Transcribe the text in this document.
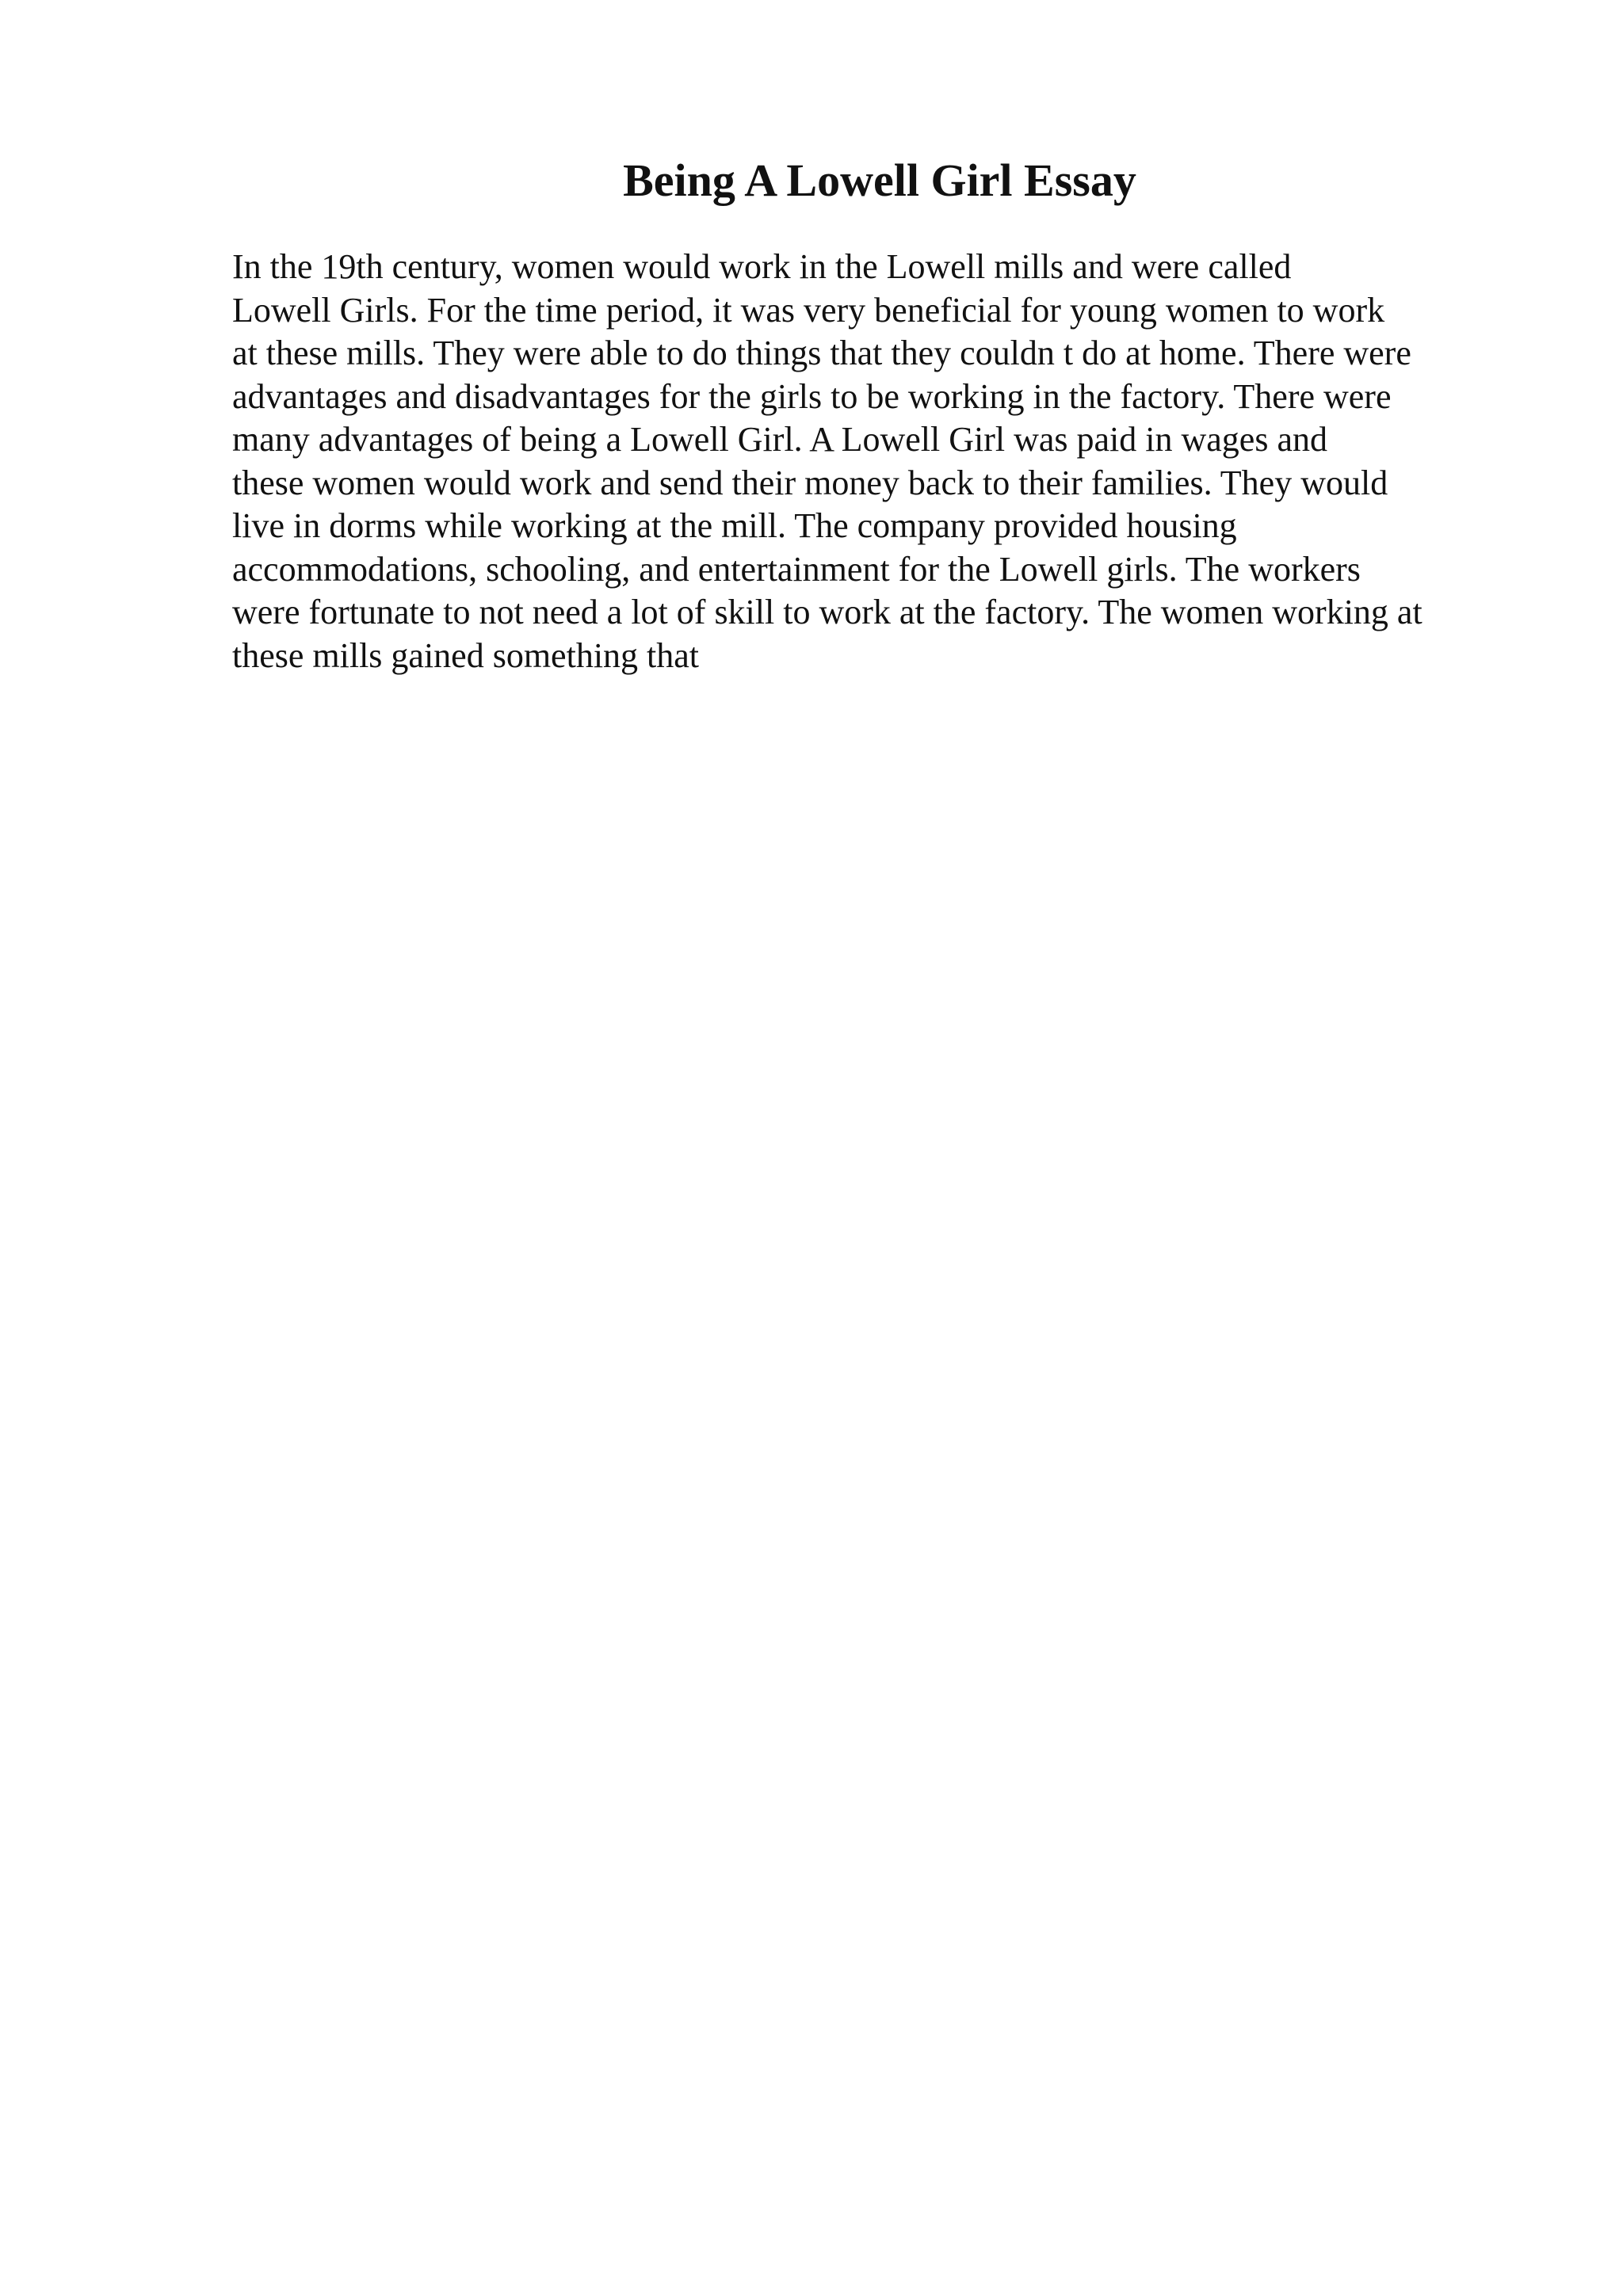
Being A Lowell Girl Essay
In the 19th century, women would work in the Lowell mills and were called
Lowell Girls. For the time period, it was very beneficial for young women to work
at these mills. They were able to do things that they couldn t do at home. There were
advantages and disadvantages for the girls to be working in the factory. There were
many advantages of being a Lowell Girl. A Lowell Girl was paid in wages and
these women would work and send their money back to their families. They would
live in dorms while working at the mill. The company provided housing
accommodations, schooling, and entertainment for the Lowell girls. The workers
were fortunate to not need a lot of skill to work at the factory. The women working at
these mills gained something that
